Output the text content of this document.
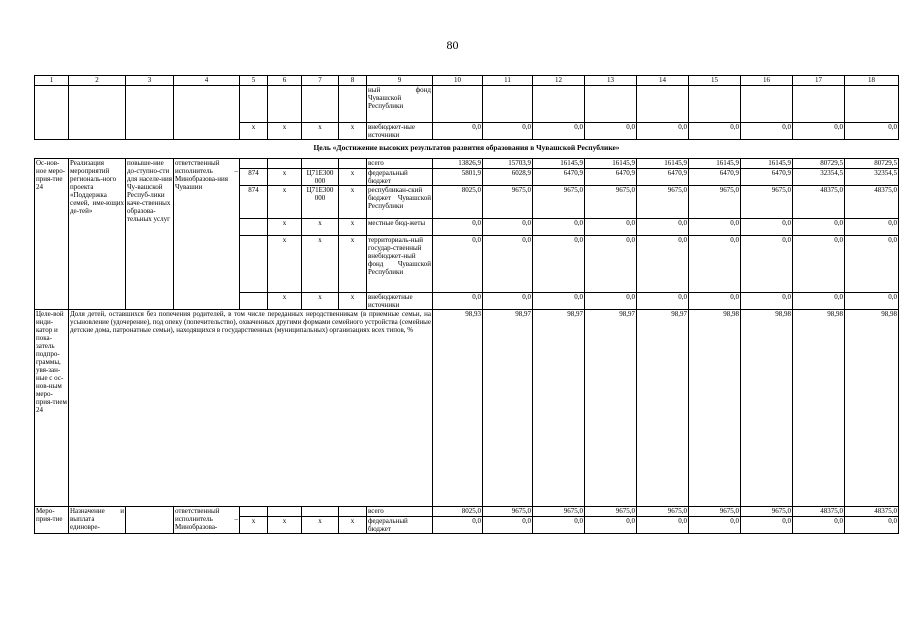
80
1	2	3	4	5	6	7	8	9	10	11	12	13	14	15	16	17	18
								ный фонд Чувашской Республики									
				x	x	x	x	внебюджет-ные источники	0,0	0,0	0,0	0,0	0,0	0,0	0,0	0,0	0,0
Цель «Достижение высоких результатов развития образования в Чувашской Республике»																	
Ос-нов-ное меро-прия-тие 24	Реализация мероприятий региональ-ного проекта «Поддержка семей, име-ющих де-тей»	повыше-ние до-ступно-сти для населе-ния Чу-вашской Респуб-лики каче-ственных образова-тельных услуг	ответственный исполнитель – Минобразова-ния Чувашии					всего	13826,9	15703,9	16145,9	16145,9	16145,9	16145,9	16145,9	80729,5	80729,5
				874	x	Ц71Е300 000	x	федеральный бюджет	5801,9	6028,9	6470,9	6470,9	6470,9	6470,9	6470,9	32354,5	32354,5
				874	x	Ц71Е300 000	x	республикан-ский бюджет Чувашской Республики	8025,0	9675,0	9675,0	9675,0	9675,0	9675,0	9675,0	48375,0	48375,0
					x	x	x	местные бюд-жеты	0,0	0,0	0,0	0,0	0,0	0,0	0,0	0,0	0,0
					x	x	x	территориаль-ный государ-ственный внебюджет-ный фонд Чувашской Республики	0,0	0,0	0,0	0,0	0,0	0,0	0,0	0,0	0,0
					x	x	x	внебюджетные источники	0,0	0,0	0,0	0,0	0,0	0,0	0,0	0,0	0,0
Целе-вой инди-катор и пока-затель подпро-граммы, увя-зан-ные с ос-нов-ным меро-прия-тием 24	Доля детей, оставшихся без попечения родителей, в том числе переданных неродственникам (в приемные семьи, на усыновление (удочерение), под опеку (попечительство), охваченных другими формами семейного устройства (семейные детские дома, патронатные семьи), находящихся в государственных (муниципальных) организациях всех типов, %								98,93	98,97	98,97	98,97	98,97	98,98	98,98	98,98	98,98
Меро-прия-тие	Назначение и выплата единовре-		ответственный исполнитель – Минобразова-					всего	8025,0	9675,0	9675,0	9675,0	9675,0	9675,0	9675,0	48375,0	48375,0
				x	x	x	x	федеральный бюджет	0,0	0,0	0,0	0,0	0,0	0,0	0,0	0,0	0,0
